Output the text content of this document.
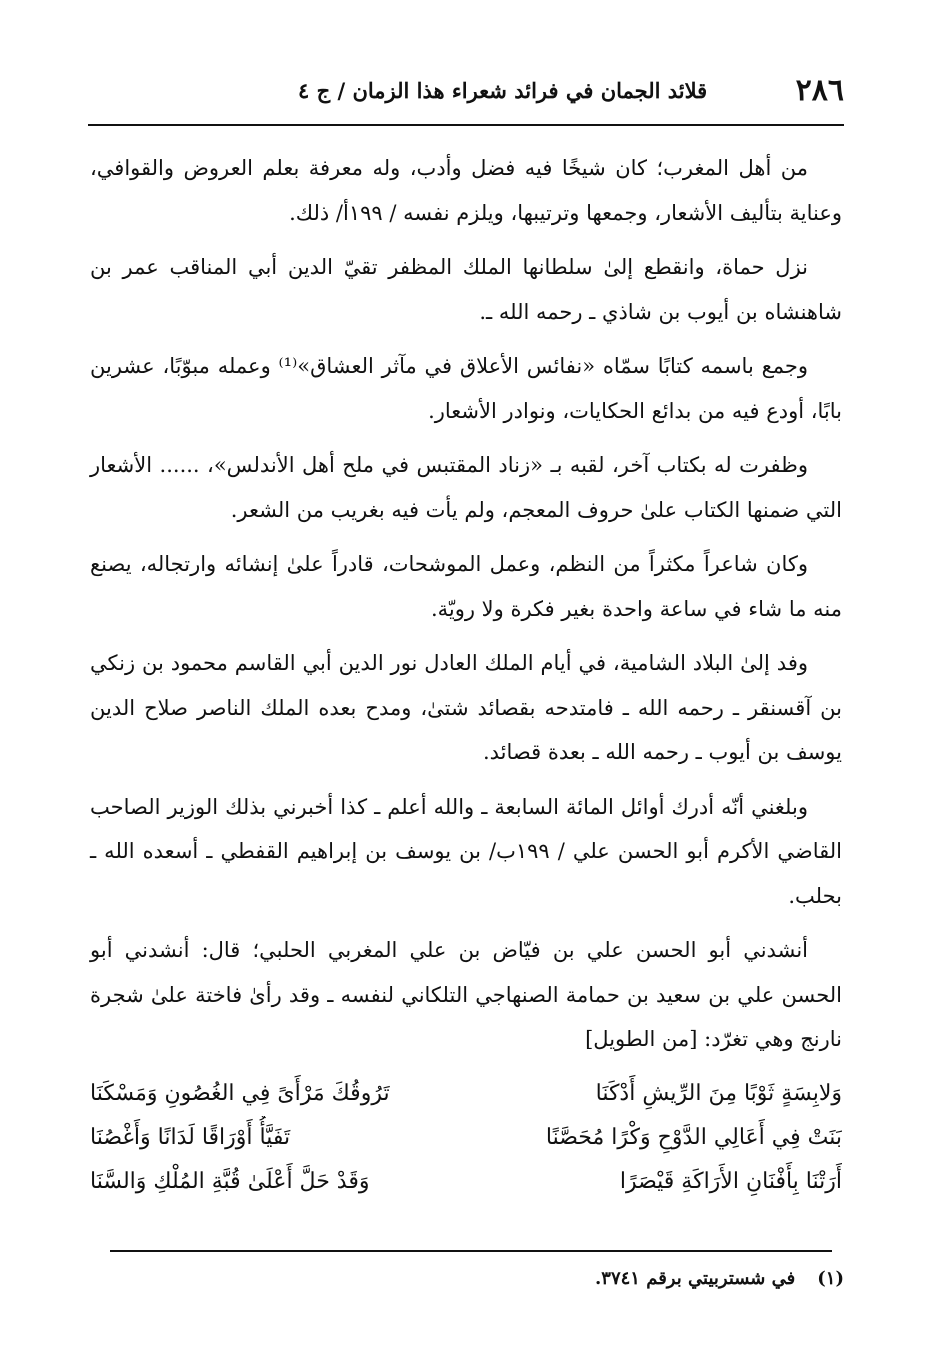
٢٨٦
قلائد الجمان في فرائد شعراء هذا الزمان / ج ٤

من أهل المغرب؛ كان شيخًا فيه فضل وأدب، وله معرفة بعلم العروض والقوافي، وعناية بتأليف الأشعار، وجمعها وترتيبها، ويلزم نفسه / ١٩٩أ/ ذلك.

نزل حماة، وانقطع إلىٰ سلطانها الملك المظفر تقيّ الدين أبي المناقب عمر بن شاهنشاه بن أيوب بن شاذي ـ رحمه الله ـ.

وجمع باسمه كتابًا سمّاه «نفائس الأعلاق في مآثر العشاق»⁽¹⁾ وعمله مبوّبًا، عشرين بابًا، أودع فيه من بدائع الحكايات، ونوادر الأشعار.

وظفرت له بكتاب آخر، لقبه بـ «زناد المقتبس في ملح أهل الأندلس»، ...... الأشعار التي ضمنها الكتاب علىٰ حروف المعجم، ولم يأت فيه بغريب من الشعر.

وكان شاعراً مكثراً من النظم، وعمل الموشحات، قادراً علىٰ إنشائه وارتجاله، يصنع منه ما شاء في ساعة واحدة بغير فكرة ولا رويّة.

وفد إلىٰ البلاد الشامية، في أيام الملك العادل نور الدين أبي القاسم محمود بن زنكي بن آقسنقر ـ رحمه الله ـ فامتدحه بقصائد شتىٰ، ومدح بعده الملك الناصر صلاح الدين يوسف بن أيوب ـ رحمه الله ـ بعدة قصائد.

وبلغني أنّه أدرك أوائل المائة السابعة ـ والله أعلم ـ كذا أخبرني بذلك الوزير الصاحب القاضي الأكرم أبو الحسن علي / ١٩٩ب/ بن يوسف بن إبراهيم القفطي ـ أسعده الله ـ بحلب.

أنشدني أبو الحسن علي بن فيّاض بن علي المغربي الحلبي؛ قال: أنشدني أبو الحسن علي بن سعيد بن حمامة الصنهاجي التلكاني لنفسه ـ وقد رأىٰ فاختة علىٰ شجرة نارنج وهي تغرّد: [من الطويل]

وَلابِسَةٍ ثَوْبًا مِنَ الرِّيشِ أَدْكَنَا
تَرُوقُكَ مَرْأَىً فِي الغُصُونِ وَمَسْكَنَا
بَنَتْ فِي أَعَالِي الدَّوْحِ وَكْرًا مُحَصَّنًا
تَفَيَّأُ أَوْرَاقًا لَدَانًا وَأَغْصُنَا
أَرَتْنَا بِأَفْنَانِ الأَرَاكَةِ قَيْصَرًا
وَقَدْ حَلَّ أَعْلَىٰ قُبَّةِ المُلْكِ وَالسَّنَا
(١)
في شستربيتي برقم ٣٧٤١.
